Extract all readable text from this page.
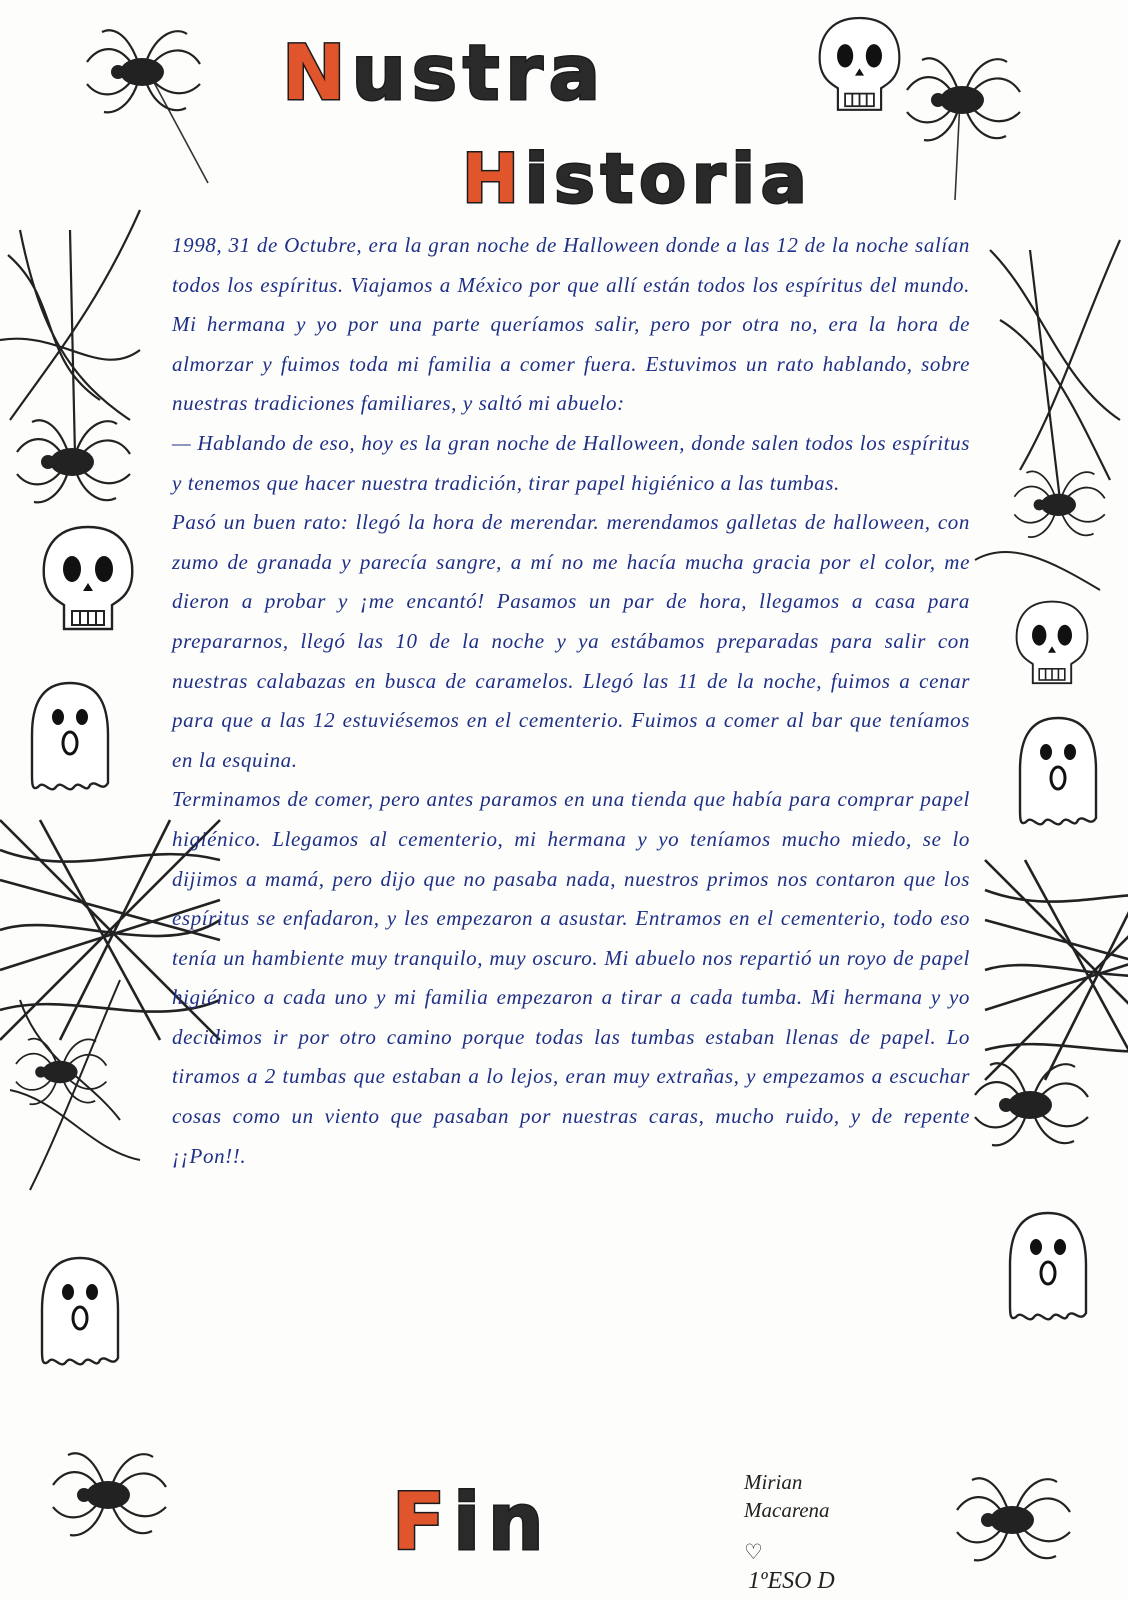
Nustra
Historia

1998, 31 de Octubre, era la gran noche de Halloween donde a las 12 de la noche salían todos los espíritus. Viajamos a México por que allí están todos los espíritus del mundo. Mi hermana y yo por una parte queríamos salir, pero por otra no, era la hora de almorzar y fuimos toda mi familia a comer fuera. Estuvimos un rato hablando, sobre nuestras tradiciones familiares, y saltó mi abuelo:

— Hablando de eso, hoy es la gran noche de Halloween, donde salen todos los espíritus y tenemos que hacer nuestra tradición, tirar papel higiénico a las tumbas.

Pasó un buen rato: llegó la hora de merendar. merendamos galletas de halloween, con zumo de granada y parecía sangre, a mí no me hacía mucha gracia por el color, me dieron a probar y ¡me encantó! Pasamos un par de hora, llegamos a casa para prepararnos, llegó las 10 de la noche y ya estábamos preparadas para salir con nuestras calabazas en busca de caramelos. Llegó las 11 de la noche, fuimos a cenar para que a las 12 estuviésemos en el cementerio. Fuimos a comer al bar que teníamos en la esquina.

Terminamos de comer, pero antes paramos en una tienda que había para comprar papel higiénico. Llegamos al cementerio, mi hermana y yo teníamos mucho miedo, se lo dijimos a mamá, pero dijo que no pasaba nada, nuestros primos nos contaron que los espíritus se enfadaron, y les empezaron a asustar. Entramos en el cementerio, todo eso tenía un hambiente muy tranquilo, muy oscuro. Mi abuelo nos repartió un royo de papel higiénico a cada uno y mi familia empezaron a tirar a cada tumba. Mi hermana y yo decidimos ir por otro camino porque todas las tumbas estaban llenas de papel. Lo tiramos a 2 tumbas que estaban a lo lejos, eran muy extrañas, y empezamos a escuchar cosas como un viento que pasaban por nuestras caras, mucho ruido, y de repente ¡¡Pon!!.

Fin	Mirian
Macarena
♡
1ºESO D
